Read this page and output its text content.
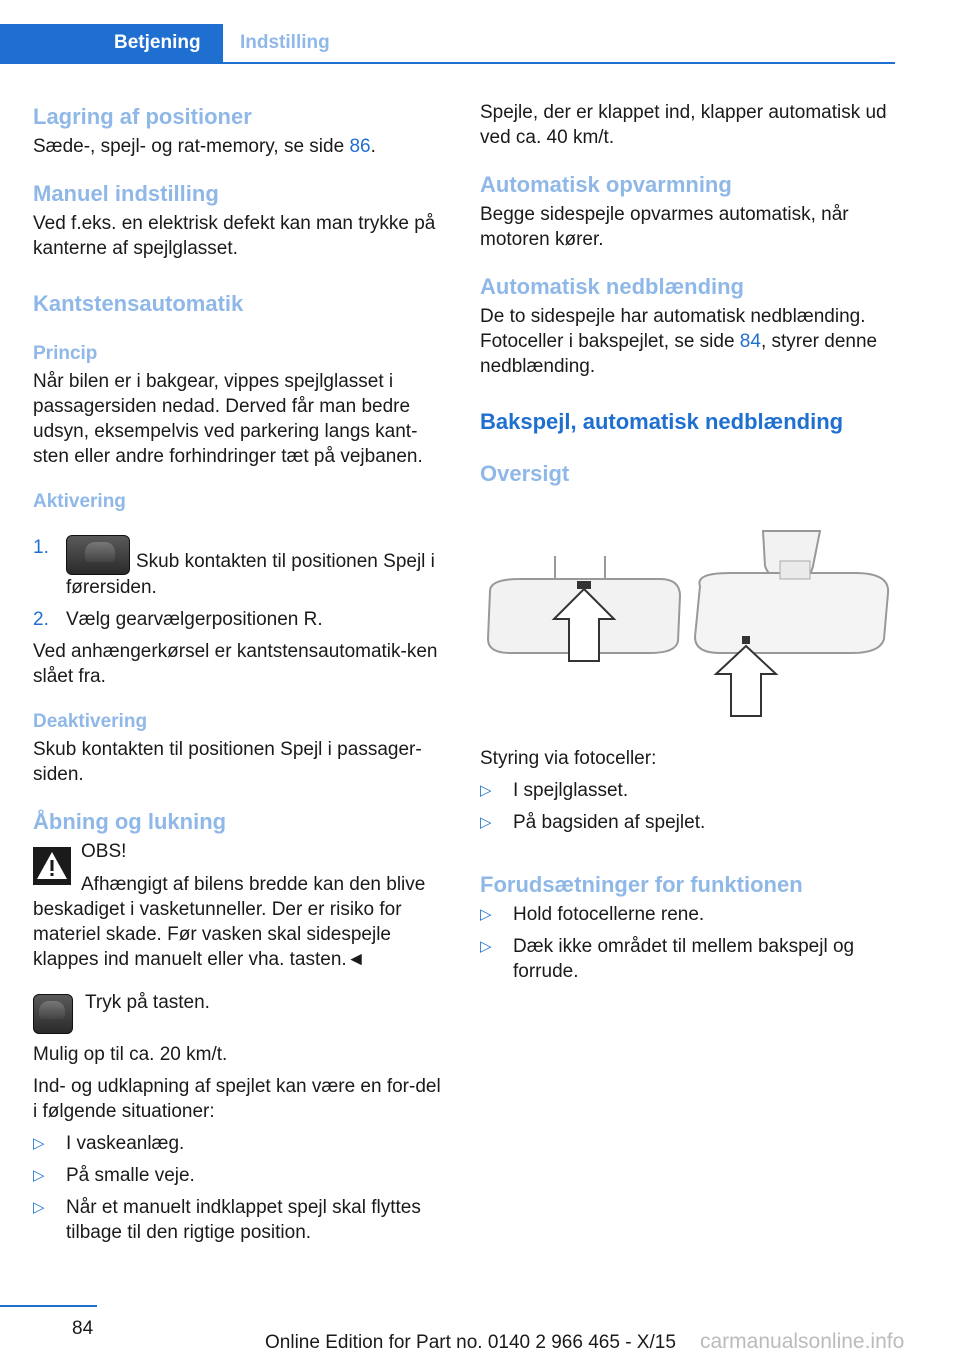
Betjening	Indstilling

Lagring af positioner

Sæde-, spejl- og rat-memory, se side 86.

Manuel indstilling

Ved f.eks. en elektrisk defekt kan man trykke på kanterne af spejlglasset.

Kantstensautomatik

Princip

Når bilen er i bakgear, vippes spejlglasset i passagersiden nedad. Derved får man bedre udsyn, eksempelvis ved parkering langs kant-sten eller andre forhindringer tæt på vejbanen.

Aktivering

1.
Skub kontakten til positionen Spejl i førersiden.
2. Vælg gearvælgerpositionen R.

Ved anhængerkørsel er kantstensautomatik-ken slået fra.

Deaktivering

Skub kontakten til positionen Spejl i passager-siden.

Åbning og lukning

OBS!
Afhængigt af bilens bredde kan den blive beskadiget i vasketunneller. Der er risiko for materiel skade. Før vasken skal sidespejle klappes ind manuelt eller vha. tasten.◄
Tryk på tasten.

Mulig op til ca. 20 km/t.

Ind- og udklapning af spejlet kan være en for-del i følgende situationer:

▷ I vaskeanlæg.
▷ På smalle veje.
▷ Når et manuelt indklappet spejl skal flyttes tilbage til den rigtige position.

Spejle, der er klappet ind, klapper automatisk ud ved ca. 40 km/t.

Automatisk opvarmning

Begge sidespejle opvarmes automatisk, når motoren kører.

Automatisk nedblænding

De to sidespejle har automatisk nedblænding. Fotoceller i bakspejlet, se side 84, styrer denne nedblænding.

Bakspejl, automatisk nedblænding

Oversigt

Styring via fotoceller:

▷ I spejlglasset.
▷ På bagsiden af spejlet.

Forudsætninger for funktionen

▷ Hold fotocellerne rene.
▷ Dæk ikke området til mellem bakspejl og forrude.
84
Online Edition for Part no. 0140 2 966 465 - X/15 carmanualsonline.info
